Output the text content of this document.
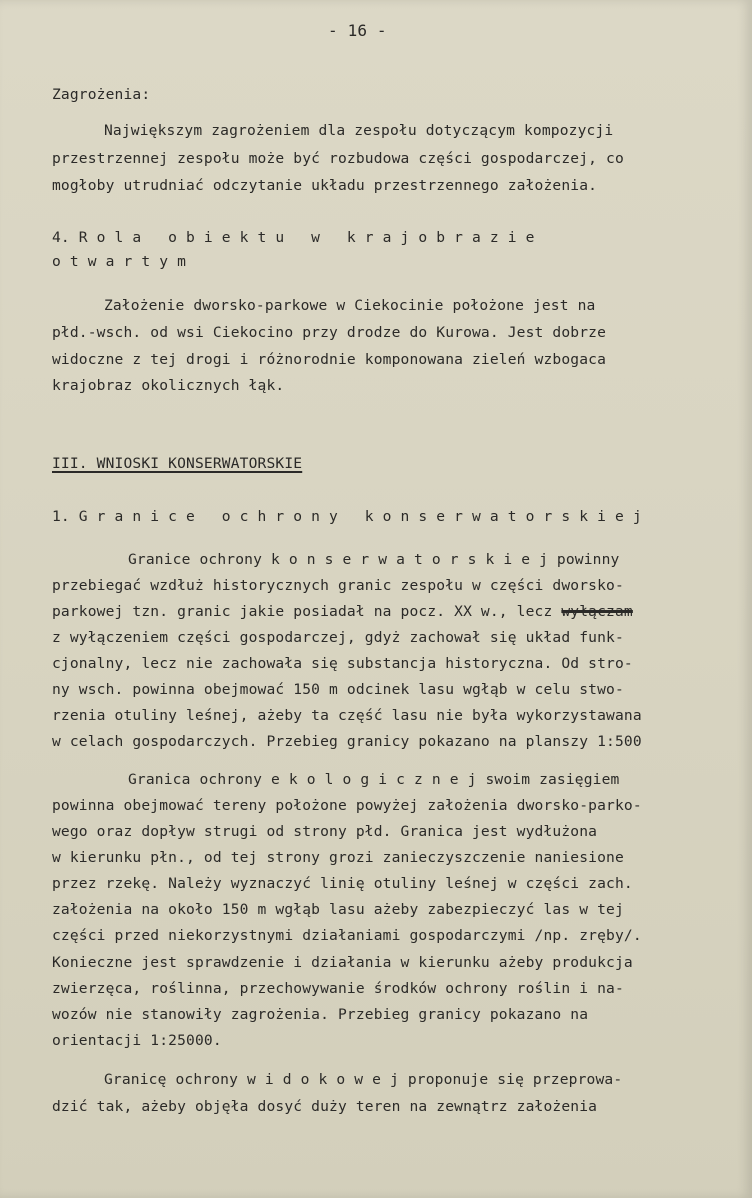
- 16 -
Zagrożenia:
Największym zagrożeniem dla zespołu dotyczącym kompozycji
przestrzennej zespołu może być rozbudowa części gospodarczej, co
mogłoby utrudniać odczytanie układu przestrzennego założenia.
4. R o l a   o b i e k t u   w   k r a j o b r a z i e
o t w a r t y m
Założenie dworsko-parkowe w Ciekocinie położone jest na
płd.-wsch. od wsi Ciekocino przy drodze do Kurowa. Jest dobrze
widoczne z tej drogi i różnorodnie komponowana zieleń wzbogaca
krajobraz okolicznych łąk.
III. WNIOSKI KONSERWATORSKIE
1. G r a n i c e   o c h r o n y   k o n s e r w a t o r s k i e j
Granice ochrony k o n s e r w a t o r s k i e j powinny
przebiegać wzdłuż historycznych granic zespołu w części dworsko-
parkowej tzn. granic jakie posiadał na pocz. XX w., lecz wyłączam
z wyłączeniem części gospodarczej, gdyż zachował się układ funk-
cjonalny, lecz nie zachowała się substancja historyczna. Od stro-
ny wsch. powinna obejmować 150 m odcinek lasu wgłąb w celu stwo-
rzenia otuliny leśnej, ażeby ta część lasu nie była wykorzystawana
w celach gospodarczych. Przebieg granicy pokazano na planszy 1:500
Granica ochrony e k o l o g i c z n e j swoim zasięgiem
powinna obejmować tereny położone powyżej założenia dworsko-parko-
wego oraz dopływ strugi od strony płd. Granica jest wydłużona
w kierunku płn., od tej strony grozi zanieczyszczenie naniesione
przez rzekę. Należy wyznaczyć linię otuliny leśnej w części zach.
założenia na około 150 m wgłąb lasu ażeby zabezpieczyć las w tej
części przed niekorzystnymi działaniami gospodarczymi /np. zręby/.
Konieczne jest sprawdzenie i działania w kierunku ażeby produkcja
zwierzęca, roślinna, przechowywanie środków ochrony roślin i na-
wozów nie stanowiły zagrożenia. Przebieg granicy pokazano na
orientacji 1:25000.
Granicę ochrony w i d o k o w e j proponuje się przeprowa-
dzić tak, ażeby objęła dosyć duży teren na zewnątrz założenia
